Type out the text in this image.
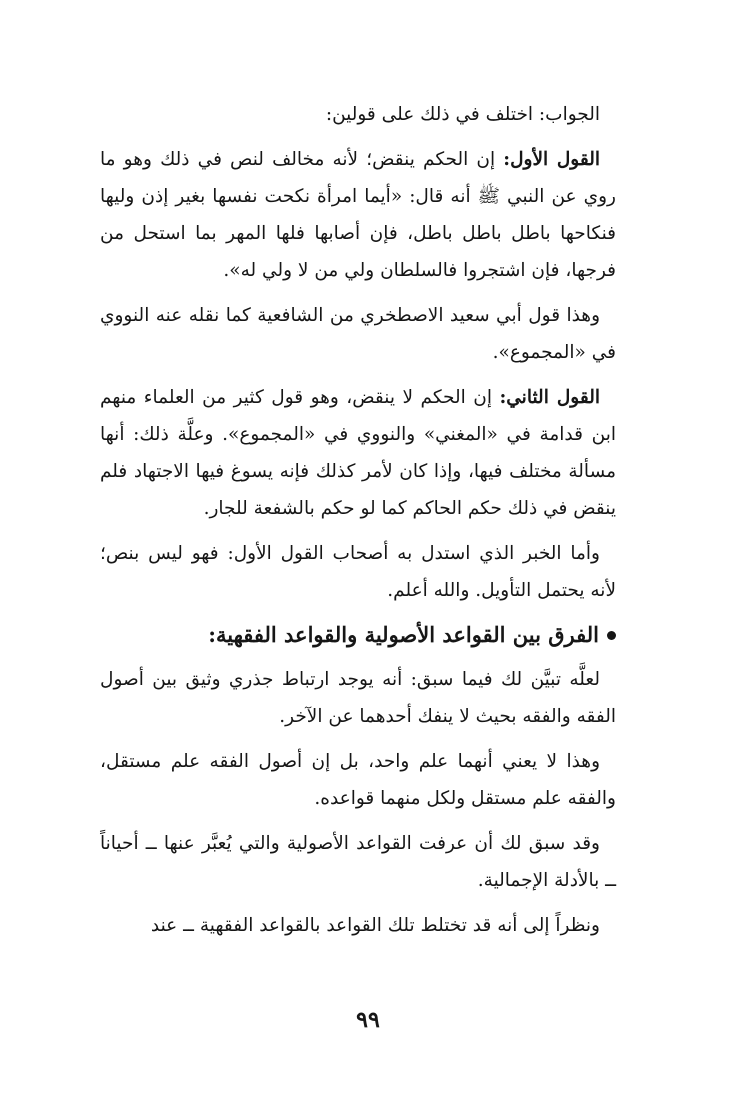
الجواب: اختلف في ذلك على قولين:

القول الأول: إن الحكم ينقض؛ لأنه مخالف لنص في ذلك وهو ما روي عن النبي ﷺ أنه قال: «أيما امرأة نكحت نفسها بغير إذن وليها فنكاحها باطل باطل باطل، فإن أصابها فلها المهر بما استحل من فرجها، فإن اشتجروا فالسلطان ولي من لا ولي له».

وهذا قول أبي سعيد الاصطخري من الشافعية كما نقله عنه النووي في «المجموع».

القول الثاني: إن الحكم لا ينقض، وهو قول كثير من العلماء منهم ابن قدامة في «المغني» والنووي في «المجموع». وعلَّة ذلك: أنها مسألة مختلف فيها، وإذا كان لأمر كذلك فإنه يسوغ فيها الاجتهاد فلم ينقض في ذلك حكم الحاكم كما لو حكم بالشفعة للجار.

وأما الخبر الذي استدل به أصحاب القول الأول: فهو ليس بنص؛ لأنه يحتمل التأويل. والله أعلم.

الفرق بين القواعد الأصولية والقواعد الفقهية:

لعلَّه تبيَّن لك فيما سبق: أنه يوجد ارتباط جذري وثيق بين أصول الفقه والفقه بحيث لا ينفك أحدهما عن الآخر.

وهذا لا يعني أنهما علم واحد، بل إن أصول الفقه علم مستقل، والفقه علم مستقل ولكل منهما قواعده.

وقد سبق لك أن عرفت القواعد الأصولية والتي يُعبَّر عنها ــ أحياناً ــ بالأدلة الإجمالية.

ونظراً إلى أنه قد تختلط تلك القواعد بالقواعد الفقهية ــ عند

٩٩
